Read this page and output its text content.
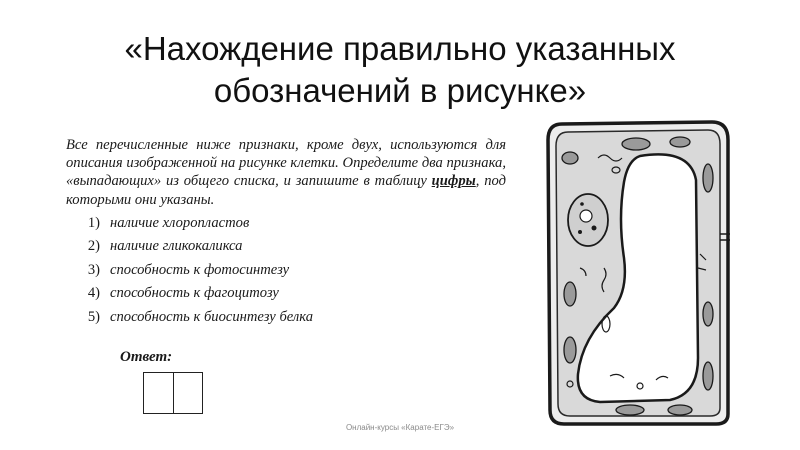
«Нахождение правильно указанных
обозначений в рисунке»

Все перечисленные ниже признаки, кроме двух, используются для описания изображенной на рисунке клетки. Определите два признака, «выпадающих» из общего списка, и запишите в таблицу цифры, под которыми они указаны.

1) наличие хлоропластов
2) наличие гликокаликса
3) способность к фотосинтезу
4) способность к фагоцитозу
5) способность к биосинтезу белка
Ответ:
Онлайн-курсы «Карате-ЕГЭ»
